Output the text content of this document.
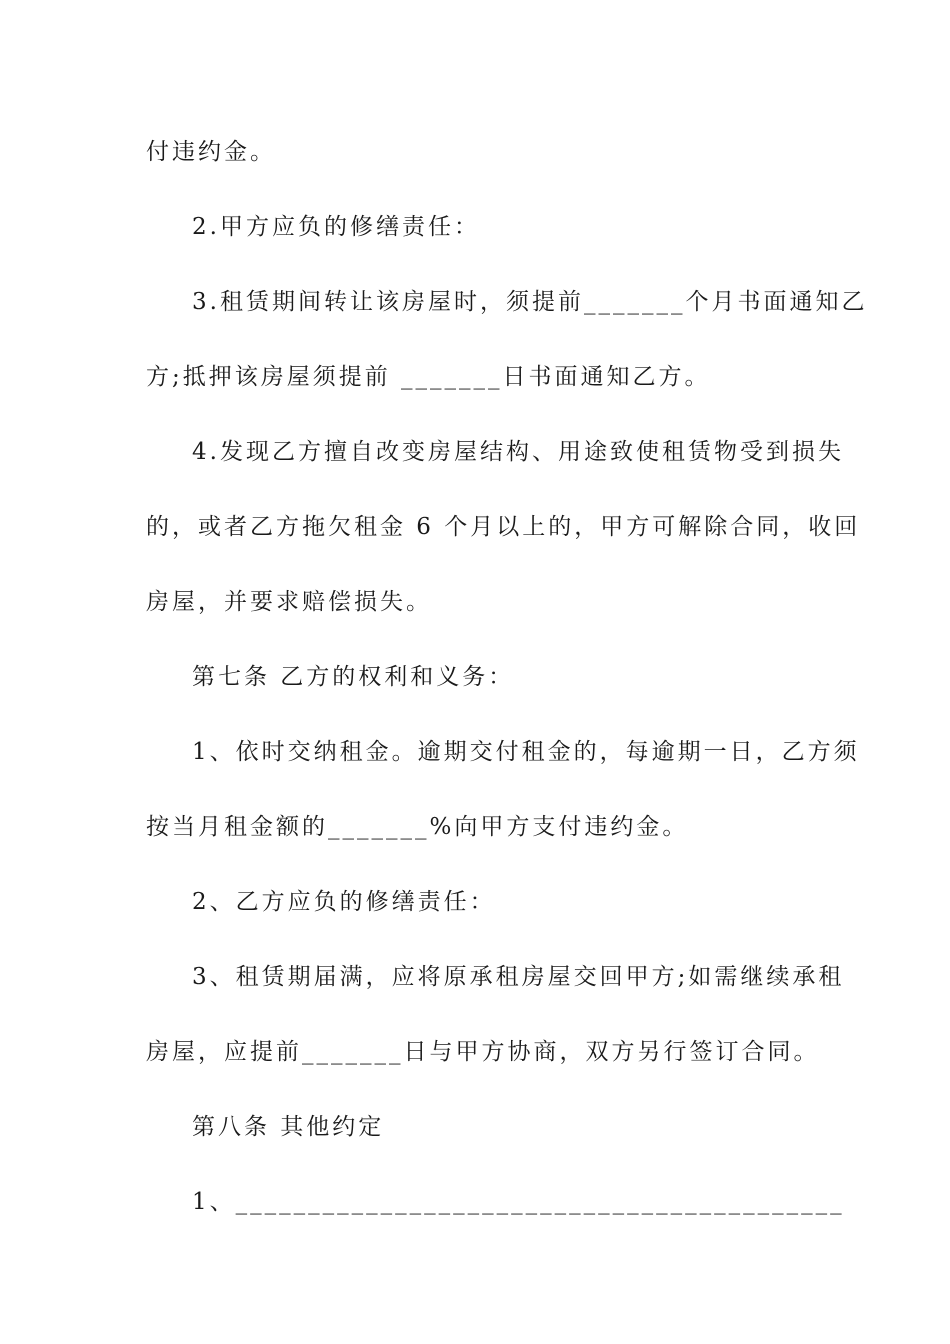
付违约金。
2.甲方应负的修缮责任：
3.租赁期间转让该房屋时，须提前_______个月书面通知乙
方;抵押该房屋须提前 _______日书面通知乙方。
4.发现乙方擅自改变房屋结构、用途致使租赁物受到损失
的，或者乙方拖欠租金 6 个月以上的，甲方可解除合同，收回
房屋，并要求赔偿损失。
第七条 乙方的权利和义务：
1、依时交纳租金。逾期交付租金的，每逾期一日，乙方须
按当月租金额的_______%向甲方支付违约金。
2、乙方应负的修缮责任：
3、租赁期届满，应将原承租房屋交回甲方;如需继续承租
房屋，应提前_______日与甲方协商，双方另行签订合同。
第八条 其他约定
1、__________________________________________
